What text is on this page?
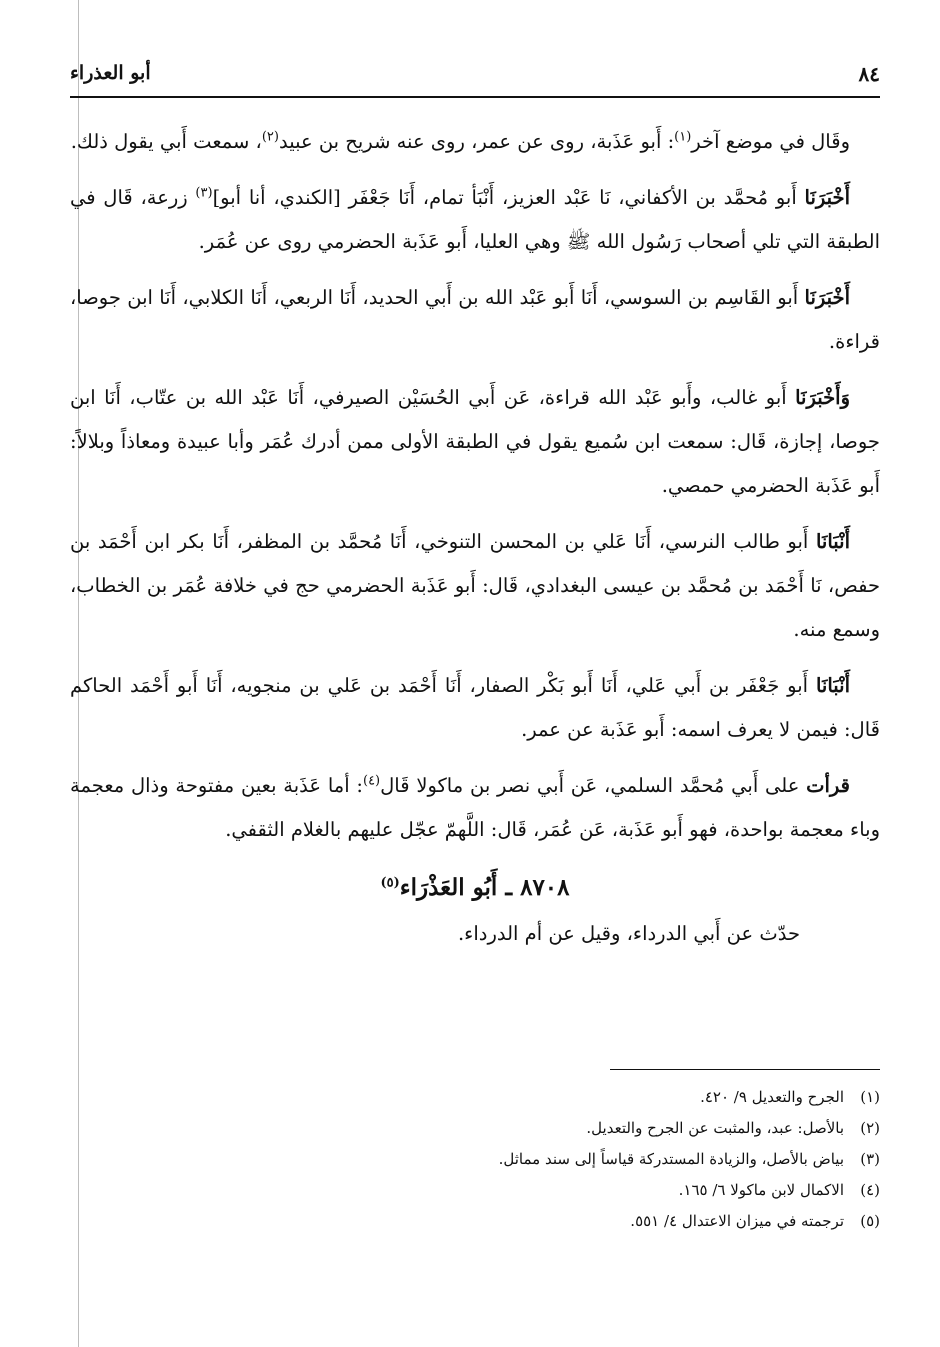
٨٤
أبو العذراء

وقَال في موضع آخر$^{(١)}$: أَبو عَذَبة، روى عن عمر، روى عنه شريح بن عبيد$^{(٢)}$، سمعت أَبي يقول ذلك.

أَخْبَرَنَا أَبو مُحمَّد بن الأكفاني، نَا عَبْد العزيز، أَنْبَأ تمام، أَنَا جَعْفَر [الكندي، أنا أبو]$^{(٣)}$ زرعة، قَال في الطبقة التي تلي أصحاب رَسُول الله ﷺ وهي العليا، أَبو عَذَبة الحضرمي روى عن عُمَر.

أَخْبَرَنَا أَبو القَاسِم بن السوسي، أَنَا أَبو عَبْد الله بن أَبي الحديد، أَنَا الربعي، أَنَا الكلابي، أَنَا ابن جوصا، قراءة.

وَأَخْبَرَنَا أَبو غالب، وأَبو عَبْد الله قراءة، عَن أَبي الحُسَيْن الصيرفي، أَنَا عَبْد الله بن عتّاب، أَنَا ابن جوصا، إجازة، قَال: سمعت ابن سُميع يقول في الطبقة الأولى ممن أدرك عُمَر وأبا عبيدة ومعاذاً وبلالاً: أَبو عَذَبة الحضرمي حمصي.

أَنْبَانَا أَبو طالب النرسي، أَنَا عَلي بن المحسن التنوخي، أَنَا مُحمَّد بن المظفر، أَنَا بكر ابن أَحْمَد بن حفص، نَا أَحْمَد بن مُحمَّد بن عيسى البغدادي، قَال: أَبو عَذَبة الحضرمي حج في خلافة عُمَر بن الخطاب، وسمع منه.

أَنْبَانَا أَبو جَعْفَر بن أَبي عَلي، أَنَا أَبو بَكْر الصفار، أَنَا أَحْمَد بن عَلي بن منجويه، أَنَا أَبو أَحْمَد الحاكم قَال: فيمن لا يعرف اسمه: أَبو عَذَبة عن عمر.

قرأت على أَبي مُحمَّد السلمي، عَن أَبي نصر بن ماكولا قَال$^{(٤)}$: أما عَذَبة بعين مفتوحة وذال معجمة وباء معجمة بواحدة، فهو أَبو عَذَبة، عَن عُمَر، قَال: اللَّهمّ عجّل عليهم بالغلام الثقفي.

٨٧٠٨ ـ أَبُو العَذْرَاء$^{(٥)}$

حدّث عن أَبي الدرداء، وقيل عن أم الدرداء.

(١)الجرح والتعديل ٩/ ٤٢٠.

(٢)بالأصل: عبد، والمثبت عن الجرح والتعديل.

(٣)بياض بالأصل، والزيادة المستدركة قياساً إلى سند مماثل.

(٤)الاكمال لابن ماكولا ٦/ ١٦٥.

(٥)ترجمته في ميزان الاعتدال ٤/ ٥٥١.
